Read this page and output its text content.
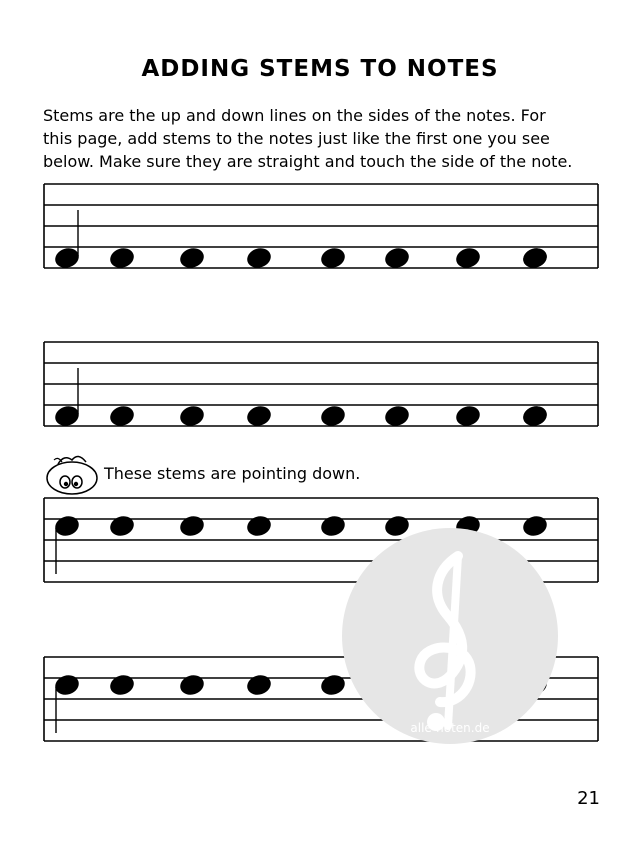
ADDING STEMS TO NOTES

Stems are the up and down lines on the sides of the notes. For
this page, add stems to the notes just like the first one you see
below. Make sure they are straight and touch the side of the note.

These stems are pointing down.
alle-noten.de
21
